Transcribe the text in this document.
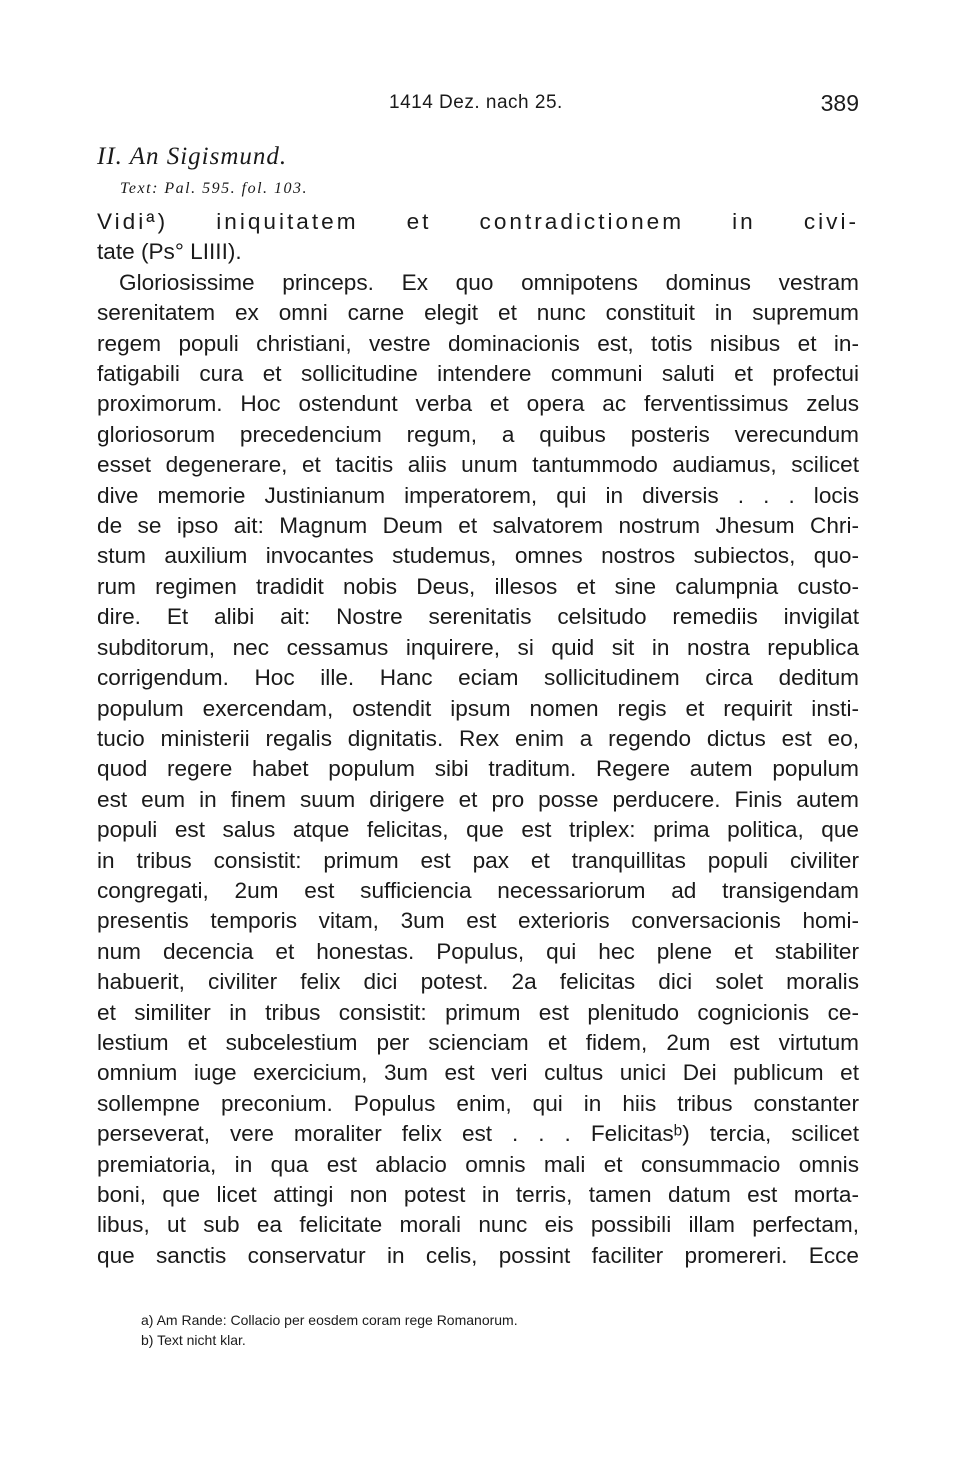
1414 Dez. nach 25.	389
II. An Sigismund.
Text: Pal. 595. fol. 103.
Vidiª) iniquitatem et contradictionem in civi-
tate (Ps° LIIII).
Gloriosissime princeps. Ex quo omnipotens dominus vestram
serenitatem ex omni carne elegit et nunc constituit in supremum
regem populi christiani, vestre dominacionis est, totis nisibus et in-
fatigabili cura et sollicitudine intendere communi saluti et profectui
proximorum. Hoc ostendunt verba et opera ac ferventissimus zelus
gloriosorum precedencium regum, a quibus posteris verecundum
esset degenerare, et tacitis aliis unum tantummodo audiamus, scilicet
dive memorie Justinianum imperatorem, qui in diversis . . . locis
de se ipso ait: Magnum Deum et salvatorem nostrum Jhesum Chri-
stum auxilium invocantes studemus, omnes nostros subiectos, quo-
rum regimen tradidit nobis Deus, illesos et sine calumpnia custo-
dire. Et alibi ait: Nostre serenitatis celsitudo remediis invigilat
subditorum, nec cessamus inquirere, si quid sit in nostra republica
corrigendum. Hoc ille. Hanc eciam sollicitudinem circa deditum
populum exercendam, ostendit ipsum nomen regis et requirit insti-
tucio ministerii regalis dignitatis. Rex enim a regendo dictus est eo,
quod regere habet populum sibi traditum. Regere autem populum
est eum in finem suum dirigere et pro posse perducere. Finis autem
populi est salus atque felicitas, que est triplex: prima politica, que
in tribus consistit: primum est pax et tranquillitas populi civiliter
congregati, 2um est sufficiencia necessariorum ad transigendam
presentis temporis vitam, 3um est exterioris conversacionis homi-
num decencia et honestas. Populus, qui hec plene et stabiliter
habuerit, civiliter felix dici potest. 2a felicitas dici solet moralis
et similiter in tribus consistit: primum est plenitudo cognicionis ce-
lestium et subcelestium per scienciam et fidem, 2um est virtutum
omnium iuge exercicium, 3um est veri cultus unici Dei publicum et
sollempne preconium. Populus enim, qui in hiis tribus constanter
perseverat, vere moraliter felix est . . . Felicitasᵇ) tercia, scilicet
premiatoria, in qua est ablacio omnis mali et consummacio omnis
boni, que licet attingi non potest in terris, tamen datum est morta-
libus, ut sub ea felicitate morali nunc eis possibili illam perfectam,
que sanctis conservatur in celis, possint faciliter promereri. Ecce
a) Am Rande: Collacio per eosdem coram rege Romanorum.
b) Text nicht klar.
